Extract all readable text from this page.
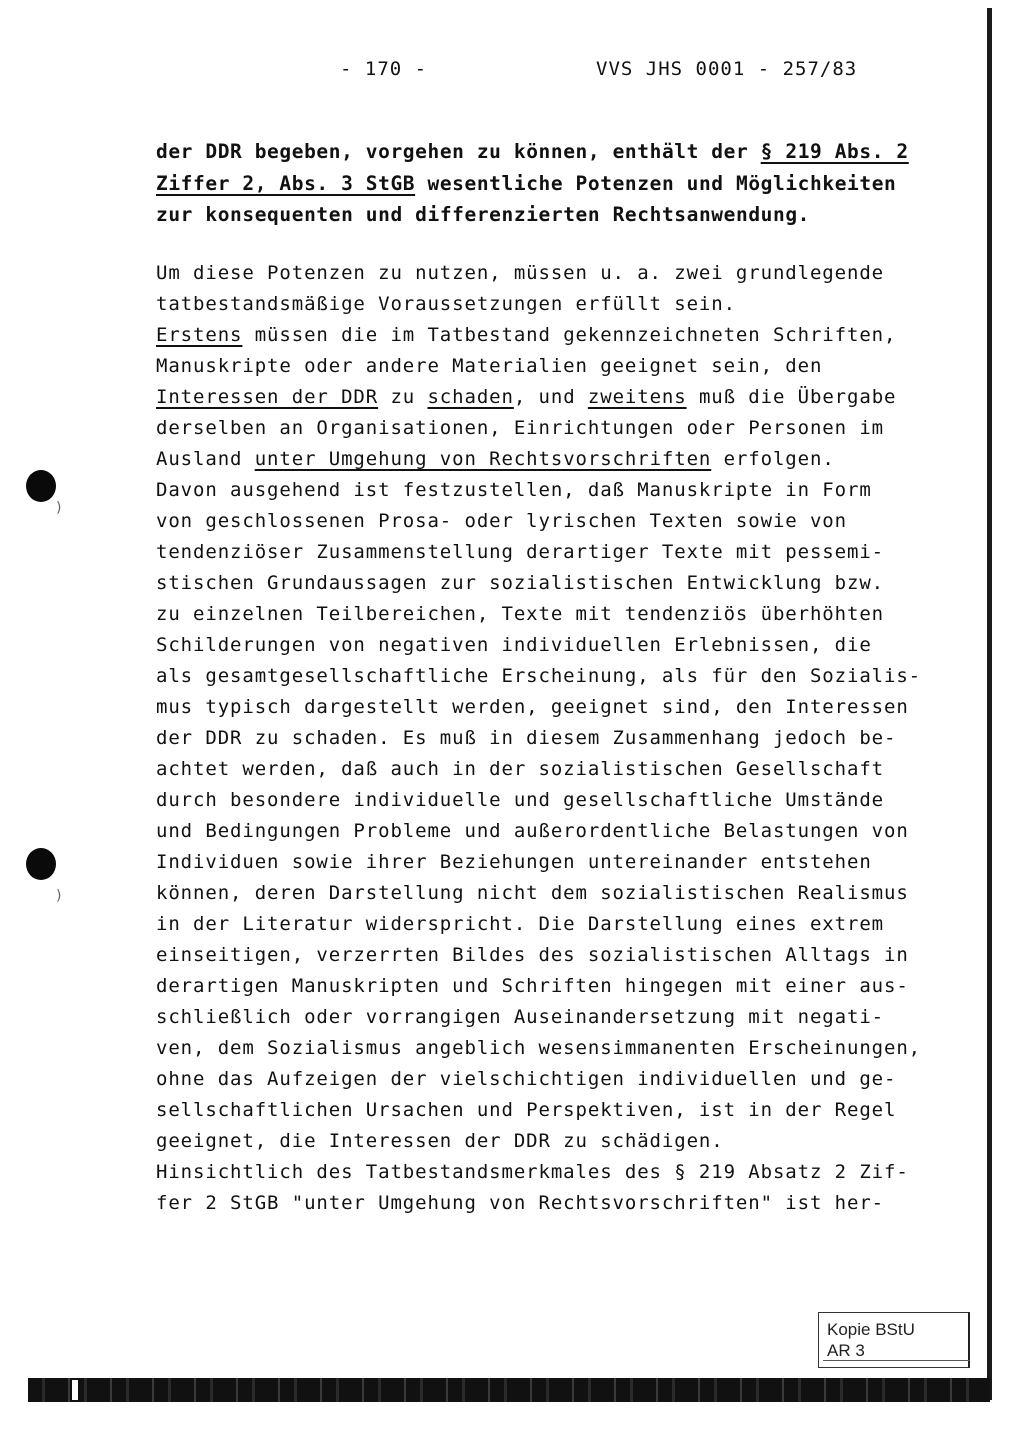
)
)
- 170 -	VVS JHS 0001 - 257/83
der DDR begeben, vorgehen zu können, enthält der § 219 Abs. 2
Ziffer 2, Abs. 3 StGB wesentliche Potenzen und Möglichkeiten
zur konsequenten und differenzierten Rechtsanwendung.
Um diese Potenzen zu nutzen, müssen u. a. zwei grundlegende
tatbestandsmäßige Voraussetzungen erfüllt sein.
Erstens müssen die im Tatbestand gekennzeichneten Schriften,
Manuskripte oder andere Materialien geeignet sein, den
Interessen der DDR zu schaden, und zweitens muß die Übergabe
derselben an Organisationen, Einrichtungen oder Personen im
Ausland unter Umgehung von Rechtsvorschriften erfolgen.
Davon ausgehend ist festzustellen, daß Manuskripte in Form
von geschlossenen Prosa- oder lyrischen Texten sowie von
tendenziöser Zusammenstellung derartiger Texte mit pessemi-
stischen Grundaussagen zur sozialistischen Entwicklung bzw.
zu einzelnen Teilbereichen, Texte mit tendenziös überhöhten
Schilderungen von negativen individuellen Erlebnissen, die
als gesamtgesellschaftliche Erscheinung, als für den Sozialis-
mus typisch dargestellt werden, geeignet sind, den Interessen
der DDR zu schaden. Es muß in diesem Zusammenhang jedoch be-
achtet werden, daß auch in der sozialistischen Gesellschaft
durch besondere individuelle und gesellschaftliche Umstände
und Bedingungen Probleme und außerordentliche Belastungen von
Individuen sowie ihrer Beziehungen untereinander entstehen
können, deren Darstellung nicht dem sozialistischen Realismus
in der Literatur widerspricht. Die Darstellung eines extrem
einseitigen, verzerrten Bildes des sozialistischen Alltags in
derartigen Manuskripten und Schriften hingegen mit einer aus-
schließlich oder vorrangigen Auseinandersetzung mit negati-
ven, dem Sozialismus angeblich wesensimmanenten Erscheinungen,
ohne das Aufzeigen der vielschichtigen individuellen und ge-
sellschaftlichen Ursachen und Perspektiven, ist in der Regel
geeignet, die Interessen der DDR zu schädigen.
Hinsichtlich des Tatbestandsmerkmales des § 219 Absatz 2 Zif-
fer 2 StGB "unter Umgehung von Rechtsvorschriften" ist her-
Kopie BStU
AR 3
